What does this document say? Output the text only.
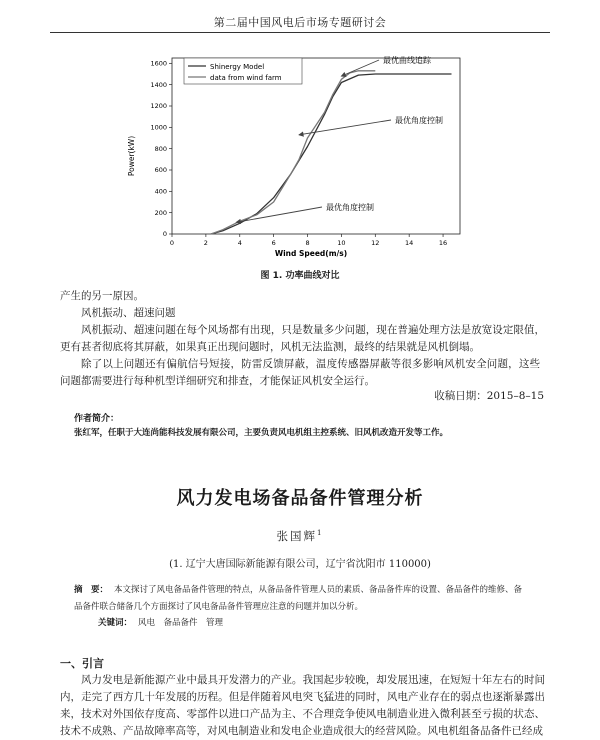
第二届中国风电后市场专题研讨会
0	2	4	6	8	10	12	14	16
0
200
400
600
800
1000
1200
1400
1600	最优曲线追踪
最优角度控制
最优角度控制
Shinergy Model
data from wind farm
Wind Speed(m/s)
Power(kW)
图 1. 功率曲线对比
产生的另一原因。
风机振动、超速问题
风机振动、超速问题在每个风场都有出现，只是数量多少问题，现在普遍处理方法是放宽设定限值，更有甚者彻底将其屏蔽，如果真正出现问题时，风机无法监测，最终的结果就是风机倒塌。
除了以上问题还有偏航信号短接，防雷反馈屏蔽，温度传感器屏蔽等很多影响风机安全问题，这些问题都需要进行每种机型详细研究和排查，才能保证风机安全运行。
收稿日期：2015–8–15
作者简介：
张红军，任职于大连尚能科技发展有限公司，主要负责风电机组主控系统、旧风机改造开发等工作。
风力发电场备品备件管理分析
张国辉$^1$
(1. 辽宁大唐国际新能源有限公司，辽宁省沈阳市 110000)
摘　要： 本文探讨了风电备品备件管理的特点，从备品备件管理人员的素质、备品备件库的设置、备品备件的维修、备品备件联合储备几个方面探讨了风电备品备件管理应注意的问题并加以分析。
关键词： 风电　备品备件　管理
一、引言
风力发电是新能源产业中最具开发潜力的产业。我国起步较晚，却发展迅速，在短短十年左右的时间内，走完了西方几十年发展的历程。但是伴随着风电突飞猛进的同时，风电产业存在的弱点也逐渐暴露出来，技术对外国依存度高、零部件以进口产品为主、不合理竞争使风电制造业进入微利甚至亏损的状态、技术不成熟、产品故障率高等，对风电制造业和发电企业造成很大的经营风险。风电机组备品备件已经成
